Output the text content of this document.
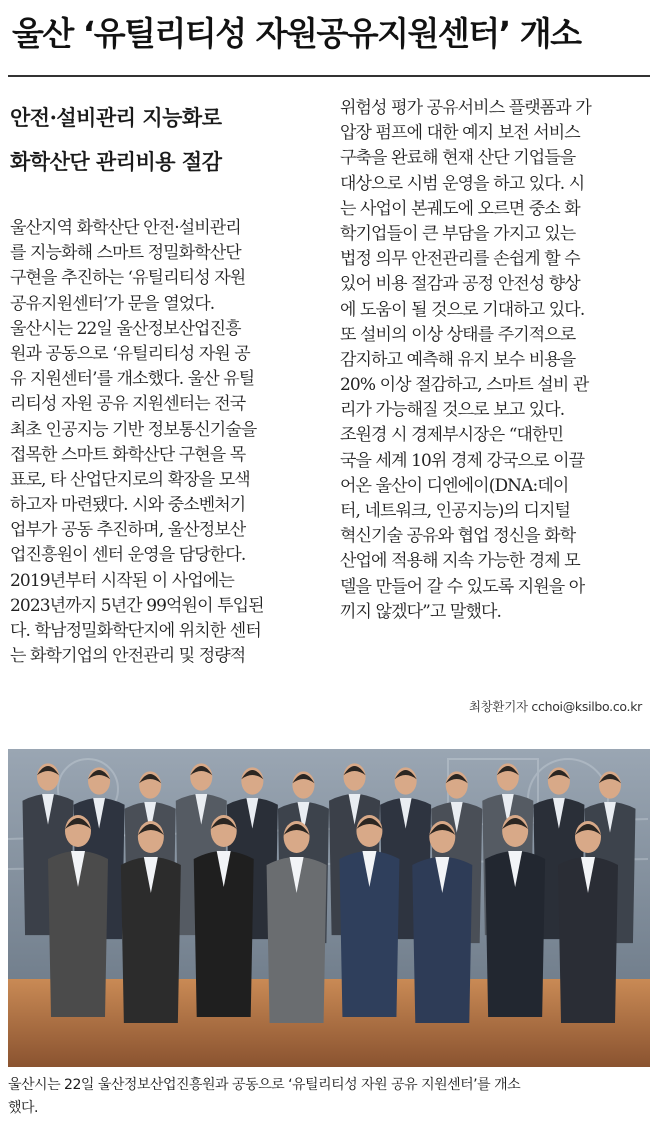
울산 ‘유틸리티성 자원공유지원센터’ 개소
안전·설비관리 지능화로
화학산단 관리비용 절감
울산지역 화학산단 안전·설비관리
를 지능화해 스마트 정밀화학산단
구현을 추진하는 ‘유틸리티성 자원
공유지원센터’가 문을 열었다.
울산시는 22일 울산정보산업진흥
원과 공동으로 ‘유틸리티성 자원 공
유 지원센터’를 개소했다. 울산 유틸
리티성 자원 공유 지원센터는 전국
최초 인공지능 기반 정보통신기술을
접목한 스마트 화학산단 구현을 목
표로, 타 산업단지로의 확장을 모색
하고자 마련됐다. 시와 중소벤처기
업부가 공동 추진하며, 울산정보산
업진흥원이 센터 운영을 담당한다.
2019년부터 시작된 이 사업에는
2023년까지 5년간 99억원이 투입된
다. 학남정밀화학단지에 위치한 센터
는 화학기업의 안전관리 및 정량적
위험성 평가 공유서비스 플랫폼과 가
압장 펌프에 대한 예지 보전 서비스
구축을 완료해 현재 산단 기업들을
대상으로 시범 운영을 하고 있다. 시
는 사업이 본궤도에 오르면 중소 화
학기업들이 큰 부담을 가지고 있는
법정 의무 안전관리를 손쉽게 할 수
있어 비용 절감과 공정 안전성 향상
에 도움이 될 것으로 기대하고 있다.
또 설비의 이상 상태를 주기적으로
감지하고 예측해 유지 보수 비용을
20% 이상 절감하고, 스마트 설비 관
리가 가능해질 것으로 보고 있다.
조원경 시 경제부시장은 “대한민
국을 세계 10위 경제 강국으로 이끌
어온 울산이 디엔에이(DNA:데이
터, 네트워크, 인공지능)의 디지털
혁신기술 공유와 협업 정신을 화학
산업에 적용해 지속 가능한 경제 모
델을 만들어 갈 수 있도록 지원을 아
끼지 않겠다”고 말했다.
최창환기자 cchoi@ksilbo.co.kr
울산시는 22일 울산정보산업진흥원과 공동으로 ‘유틸리티성 자원 공유 지원센터’를 개소
했다.
